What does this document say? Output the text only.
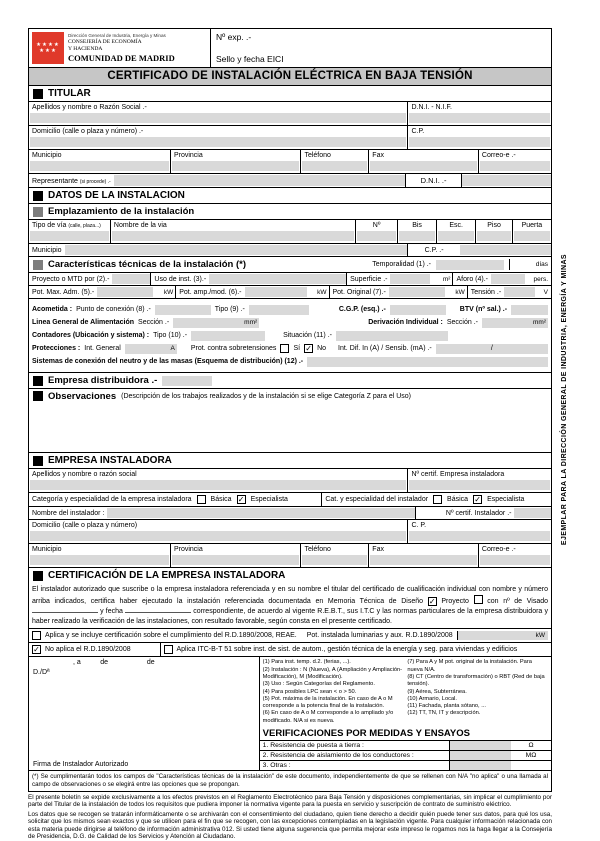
★★★★
★★★
Dirección General de Industria, Energía y Minas
CONSEJERÍA DE ECONOMÍA
Y HACIENDA
COMUNIDAD DE MADRID
Nº exp. .-
Sello y fecha EICI
CERTIFICADO DE INSTALACIÓN ELÉCTRICA EN BAJA TENSIÓN
TITULAR
Apellidos y nombre o Razón Social .-	D.N.I. - N.I.F.
Domicilio (calle o plaza y número) .-	C.P.
Municipio	Provincia	Teléfono	Fax	Correo-e .-
Representante (si procede) .-	D.N.I. .-
DATOS DE LA INSTALACION
Emplazamiento de la instalación
Tipo de vía (calle, plaza...)	Nombre de la via	Nº	Bis	Esc.	Piso	Puerta
Municipio	C.P. .-
Características técnicas de la instalación (*)	Temporalidad (1) .-	días
Proyecto o MTD por (2).-	Uso de inst. (3).-	Superficie .-	m² Aforo (4).-	pers.
Pot. Max. Adm. (5).-	kW Pot. amp./mod. (6).-	kW Pot. Original (7).-	kW Tensión .-	V
Acometida : Punto de conexión (8) .-	Tipo (9) .-	C.G.P. (esq.) .-	BTV (nº sal.) .-
Linea General de Alimentación Sección .-	mm²	Derivación Individual : Sección .-	mm²
Contadores (Ubicación y sistema) : Tipo (10) .-	Situación (11) .-
Protecciones : Int. General	A Prot. contra sobretensiones Sí ✓ No Int. Dif. In (A) / Sensib. (mA) .-	/
Sistemas de conexión del neutro y de las masas (Esquema de distribución) (12) .-
Empresa distribuidora .-
Observaciones (Descripción de los trabajos realizados y de la instalación si se elige Categoría Z para el Uso)
EMPRESA INSTALADORA
Apellidos y nombre o razón social	Nº certif. Empresa instaladora
Categoría y especialidad de la empresa instaladora	Básica ✓ Especialista	Cat. y especialidad del instalador	Básica ✓ Especialista
Nombre del instalador :	Nº certif. Instalador .-
Domicilio (calle o plaza y número)	C. P.
Municipio	Provincia	Teléfono	Fax	Correo-e .-
CERTIFICACIÓN DE LA EMPRESA INSTALADORA
El instalador autorizado que suscribe o la empresa instaladora referenciada y en su nombre el titular del certificado de cualificación individual con nombre y número arriba indicados, certifica haber ejecutado la instalación referenciada documentada en Memoria Técnica de Diseño ✓ Proyecto	con nº de Visado  y fecha	correspondiente, de acuerdo al vigente R.E.B.T., sus I.T.C y las normas particulares de la empresa distribuidora y haber realizado la verificación de las instalaciones, con resultado favorable, según consta en el presente certificado.
Aplica y se incluye certificación sobre el cumplimiento del R.D.1890/2008, REAE. Pot. instalada luminarias y aux. R.D.1890/2008	kW
✓ No aplica el R.D.1890/2008	Aplica ITC-B-T 51 sobre inst. de sist. de autom., gestión técnica de la energía y seg. para viviendas y edificios
, a          de                    de
D./Dª
Firma de Instalador Autorizado
(1) Para inst. temp. d.2. (ferias, ...).
(2) Instalación : N (Nueva), A (Ampliación y Ampliación-Modificación), M (Modificación).
(3) Uso : Según Categorías del Reglamento.
(4) Para posibles LPC sean < o > 50.
(5) Pot. máxima de la instalación. En caso de A o M corresponde a la potencia final de la instalación.
(6) En caso de A o M corresponde a lo ampliado y/o modificado. N/A si es nueva.
(7) Para A y M pot. original de la instalación. Para nueva N/A.
(8) CT (Centro de transformación) o RBT (Red de baja tensión).
(9) Aérea, Subterránea.
(10) Armario, Local.
(11) Fachada, planta sótano, ...
(12) TT, TN, IT y descripción.
VERIFICACIONES POR MEDIDAS Y ENSAYOS
1. Resistencia de puesta a tierra :	Ω
2. Resistencia de aislamiento de los conductores :	MΩ
3. Otras :
(*) Se cumplimentarán todos los campos de "Características técnicas de la instalación" de este documento, independientemente de que se rellenen con N/A "no aplica" o una llamada al campo de observaciones o se elegirá entre las opciones que se propongan.
El presente boletín se expide exclusivamente a los efectos previstos en el Reglamento Electrotécnico para Baja Tensión y disposiciones complementarias, sin implicar el cumplimiento por parte del Titular de la instalación de todos los requisitos que pudiera imponer la normativa vigente para la puesta en servicio y suscripción de contrato de suministro eléctrico.
Los datos que se recogen se tratarán informáticamente o se archivarán con el consentimiento del ciudadano, quien tiene derecho a decidir quién puede tener sus datos, para qué los usa, solicitar que los mismos sean exactos y que se utilicen para el fin que se recogen, con las excepciones contempladas en la legislación vigente. Para cualquier información relacionada con esta materia puede dirigirse al teléfono de información administrativa 012. Si usted tiene alguna sugerencia que permita mejorar este impreso le rogamos nos la haga llegar a la Consejería de Presidencia, D.G. de Calidad de los Servicios y Atención al Ciudadano.
EJEMPLAR PARA LA DIRECCIÓN GENERAL DE INDUSTRIA, ENERGÍA Y MINAS
